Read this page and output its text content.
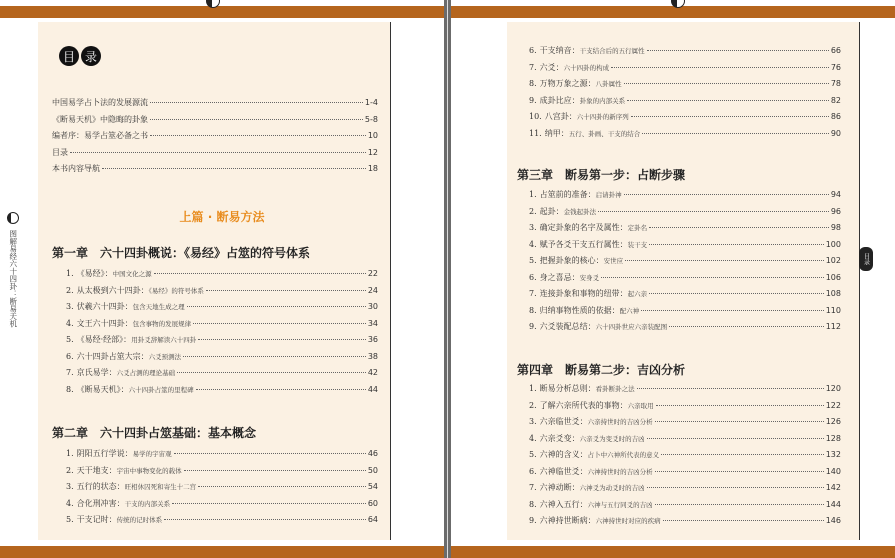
图解易经六十四卦：断易天机
目 录
中国易学占卜法的发展源流	1-4
《断易天机》中隐晦的卦象	5-8
编者序：易学占筮必备之书	10
目录	12
本书内容导航	18
上篇 · 断易方法
第一章　六十四卦概说：《易经》占筮的符号体系
1. 《易经》：中国文化之源	22
2. 从太极到六十四卦：《易经》的符号体系	24
3. 伏羲六十四卦：包含天地生成之理	30
4. 文王六十四卦：包含事物的发展规律	34
5. 《易经·经部》：用卦爻辞解读六十四卦	36
6. 六十四卦占筮大宗：六爻预测法	38
7. 京氏易学：六爻占测的理论基础	42
8. 《断易天机》：六十四卦占筮的里程碑	44
第二章　六十四卦占筮基础：基本概念
1. 阴阳五行学说：易学的宇宙观	46
2. 天干地支：宇宙中事物变化的载体	50
3. 五行的状态：旺相休囚死和寄生十二宫	54
4. 合化刑冲害：干支的内部关系	60
5. 干支记时：传统的记时体系	64
目录
6. 干支纳音：干支结合后的五行属性	66
7. 六爻：六十四卦的构成	76
8. 万物万象之源：八卦属性	78
9. 成卦比应：卦象的内部关系	82
10. 八宫卦：六十四卦的新序列	86
11. 纳甲：五行、卦画、干支的结合	90
第三章　断易第一步：占断步骤
1. 占筮前的准备：启请卦神	94
2. 起卦：金钱起卦法	96
3. 确定卦象的名字及属性：定卦名	98
4. 赋予各爻干支五行属性：装干支	100
5. 把握卦象的核心：安世应	102
6. 身之喜忌：安身爻	106
7. 连接卦象和事物的纽带：起六亲	108
8. 归纳事物性质的依据：配六神	110
9. 六爻装配总结：六十四卦世应六亲装配图	112
第四章　断易第二步：吉凶分析
1. 断易分析总则：看卦断卦之法	120
2. 了解六亲所代表的事物：六亲取用	122
3. 六亲临世爻：六亲持世时的吉凶分析	126
4. 六亲爻变：六亲爻为变爻时的吉凶	128
5. 六神的含义：占卜中六神所代表的意义	132
6. 六神临世爻：六神持世时的吉凶分析	140
7. 六神动断：六神爻为动爻时的吉凶	142
8. 六神入五行：六神与五行同爻的吉凶	144
9. 六神持世断病：六神持世时对应的疾病	146
